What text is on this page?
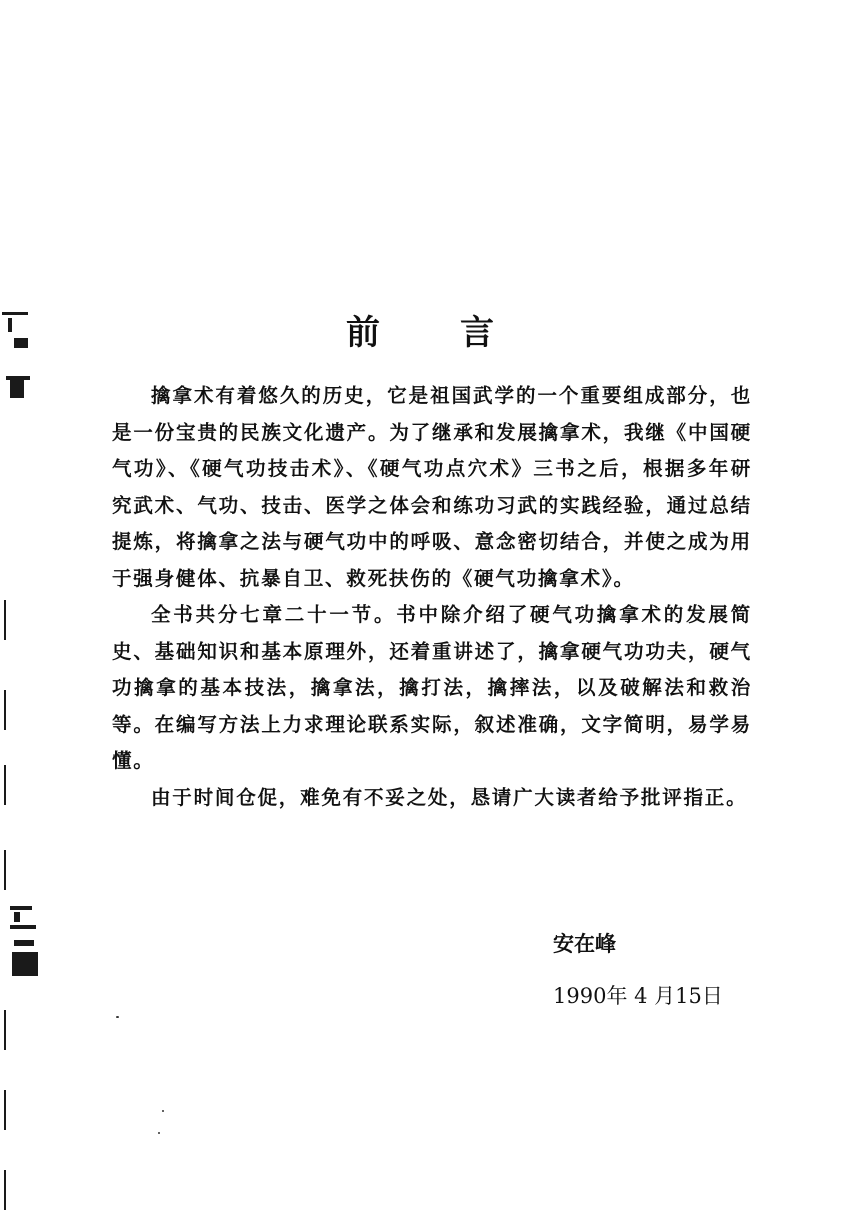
前言

擒拿术有着悠久的历史，它是祖国武学的一个重要组成部分，也是一份宝贵的民族文化遗产。为了继承和发展擒拿术，我继《中国硬气功》、《硬气功技击术》、《硬气功点穴术》三书之后，根据多年研究武术、气功、技击、医学之体会和练功习武的实践经验，通过总结提炼，将擒拿之法与硬气功中的呼吸、意念密切结合，并使之成为用于强身健体、抗暴自卫、救死扶伤的《硬气功擒拿术》。

全书共分七章二十一节。书中除介绍了硬气功擒拿术的发展简史、基础知识和基本原理外，还着重讲述了，擒拿硬气功功夫，硬气功擒拿的基本技法，擒拿法，擒打法，擒摔法，以及破解法和救治等。在编写方法上力求理论联系实际，叙述准确，文字简明，易学易懂。

由于时间仓促，难免有不妥之处，恳请广大读者给予批评指正。

安在峰
1990年 4 月15日
